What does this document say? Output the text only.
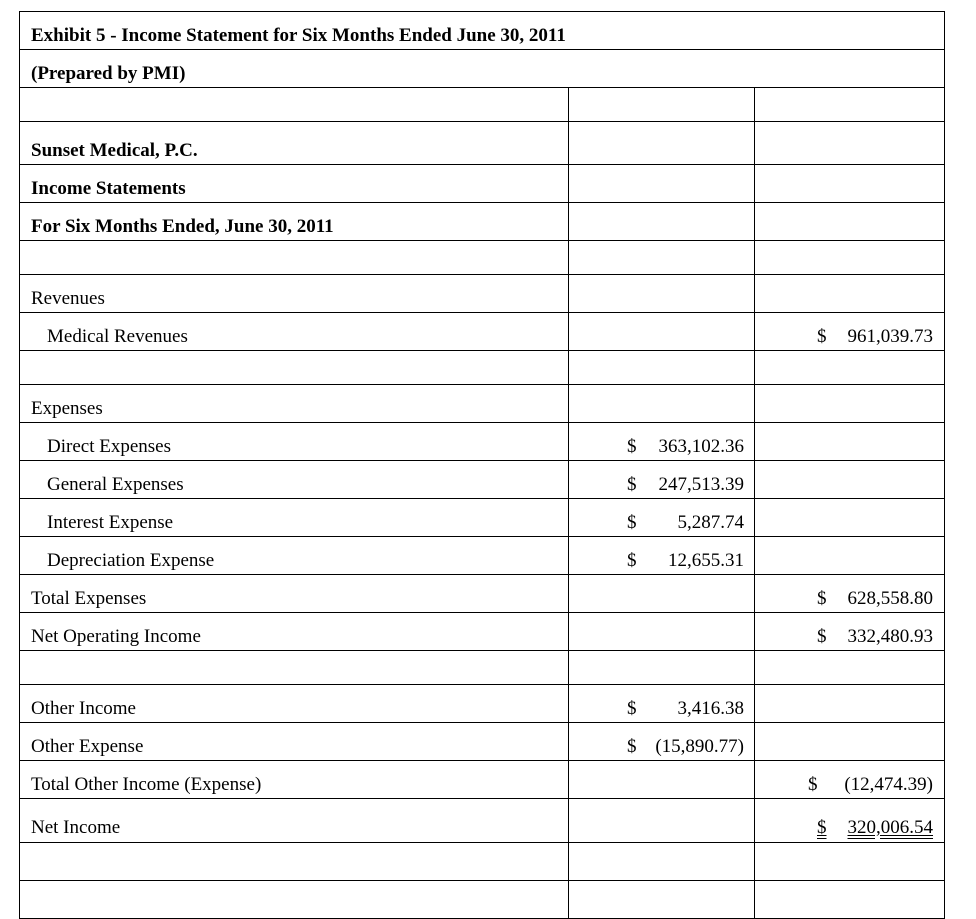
Exhibit 5 - Income Statement for Six Months Ended June 30, 2011		
(Prepared by PMI)		

Sunset Medical, P.C.		
Income Statements		
For Six Months Ended, June 30, 2011		

Revenues		
Medical Revenues		$ 961,039.73

Expenses		
Direct Expenses	$ 363,102.36	

General Expenses	$ 247,513.39	

Interest Expense	$ 5,287.74	

Depreciation Expense	$ 12,655.31	

Total Expenses		$ 628,558.80

Net Operating Income		$ 332,480.93

Other Income	$ 3,416.38	

Other Expense	$ (15,890.77)	

Total Other Income (Expense)		$ (12,474.39)

Net Income		$ 320,006.54
